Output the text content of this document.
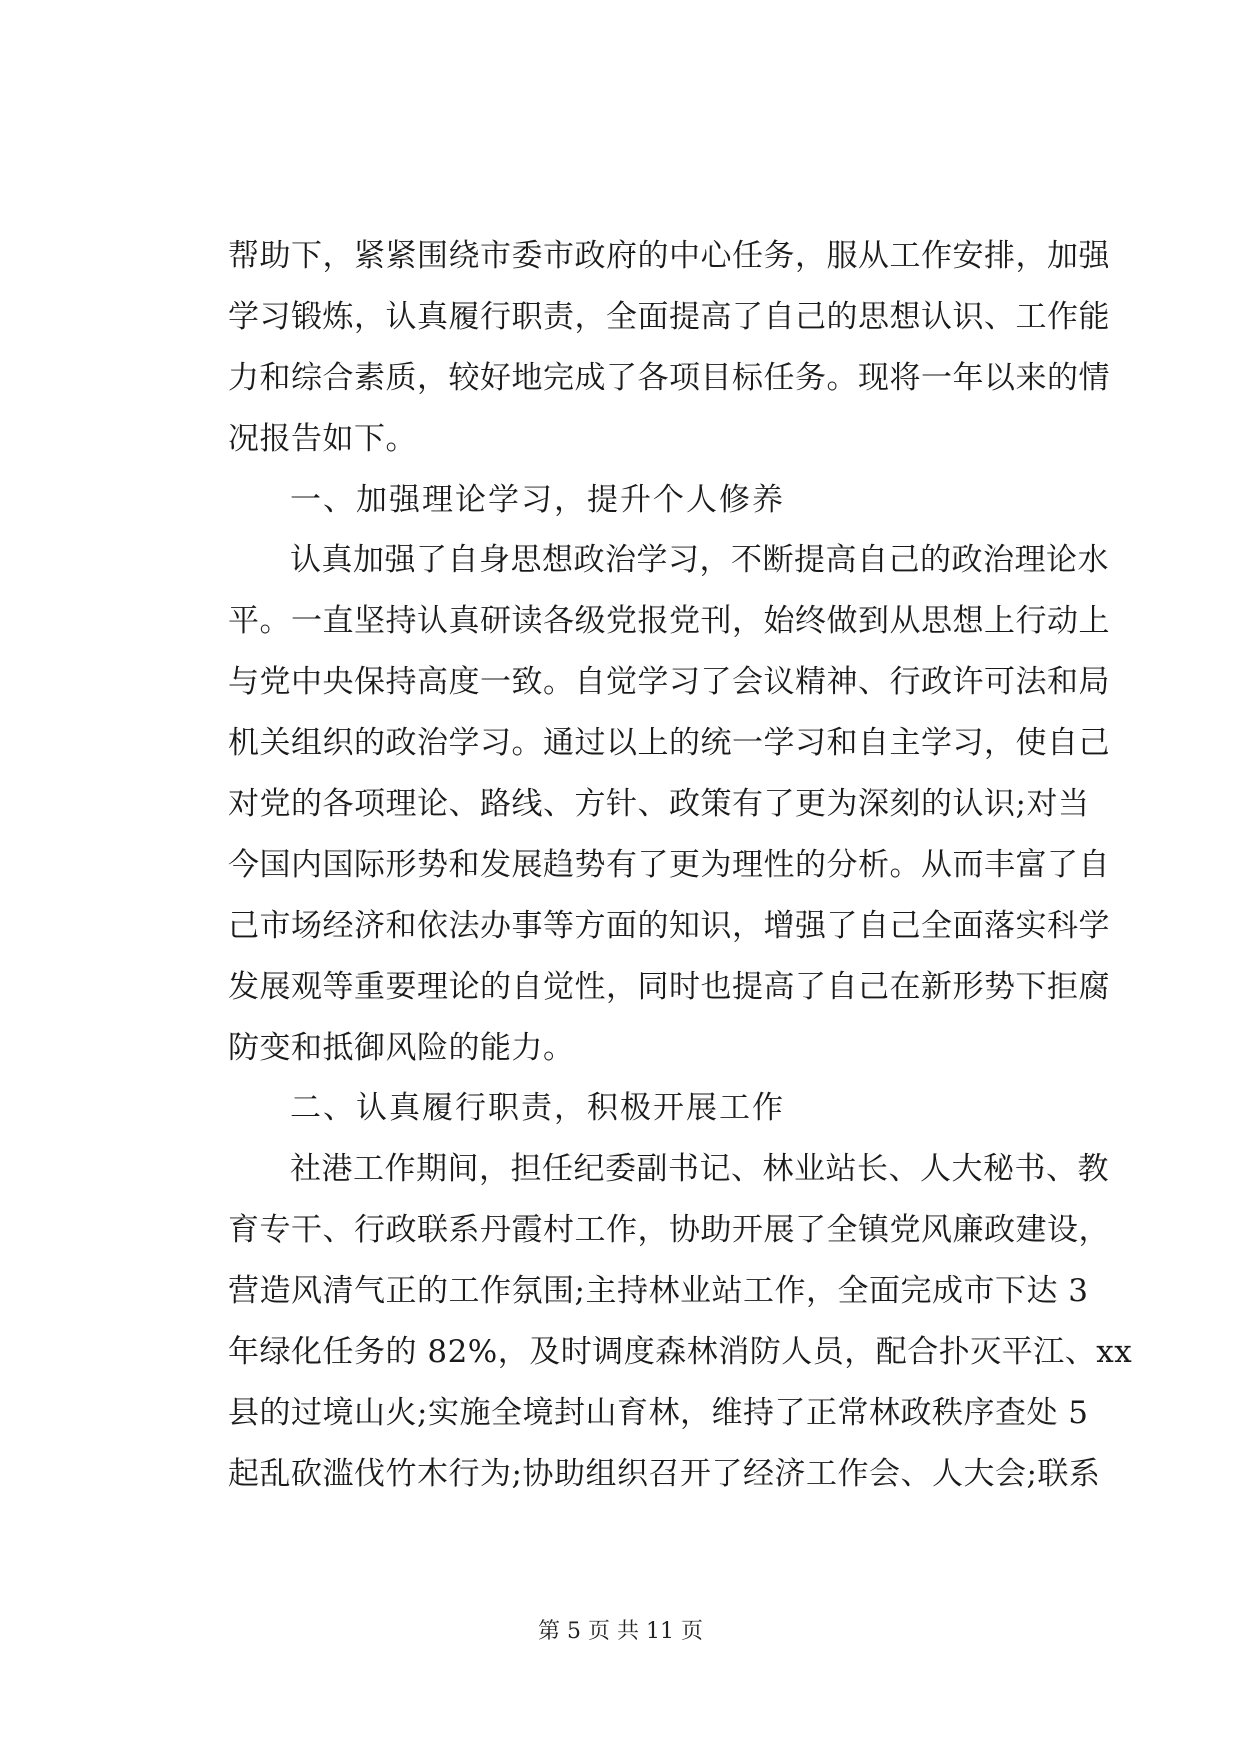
帮助下，紧紧围绕市委市政府的中心任务，服从工作安排，加强
学习锻炼，认真履行职责，全面提高了自己的思想认识、工作能
力和综合素质，较好地完成了各项目标任务。现将一年以来的情
况报告如下。
一、加强理论学习，提升个人修养
认真加强了自身思想政治学习，不断提高自己的政治理论水
平。一直坚持认真研读各级党报党刊，始终做到从思想上行动上
与党中央保持高度一致。自觉学习了会议精神、行政许可法和局
机关组织的政治学习。通过以上的统一学习和自主学习，使自己
对党的各项理论、路线、方针、政策有了更为深刻的认识;对当
今国内国际形势和发展趋势有了更为理性的分析。从而丰富了自
己市场经济和依法办事等方面的知识，增强了自己全面落实科学
发展观等重要理论的自觉性，同时也提高了自己在新形势下拒腐
防变和抵御风险的能力。
二、认真履行职责，积极开展工作
社港工作期间，担任纪委副书记、林业站长、人大秘书、教
育专干、行政联系丹霞村工作，协助开展了全镇党风廉政建设，
营造风清气正的工作氛围;主持林业站工作，全面完成市下达 3
年绿化任务的 82%，及时调度森林消防人员，配合扑灭平江、xx
县的过境山火;实施全境封山育林，维持了正常林政秩序查处 5
起乱砍滥伐竹木行为;协助组织召开了经济工作会、人大会;联系
第 5 页 共 11 页
